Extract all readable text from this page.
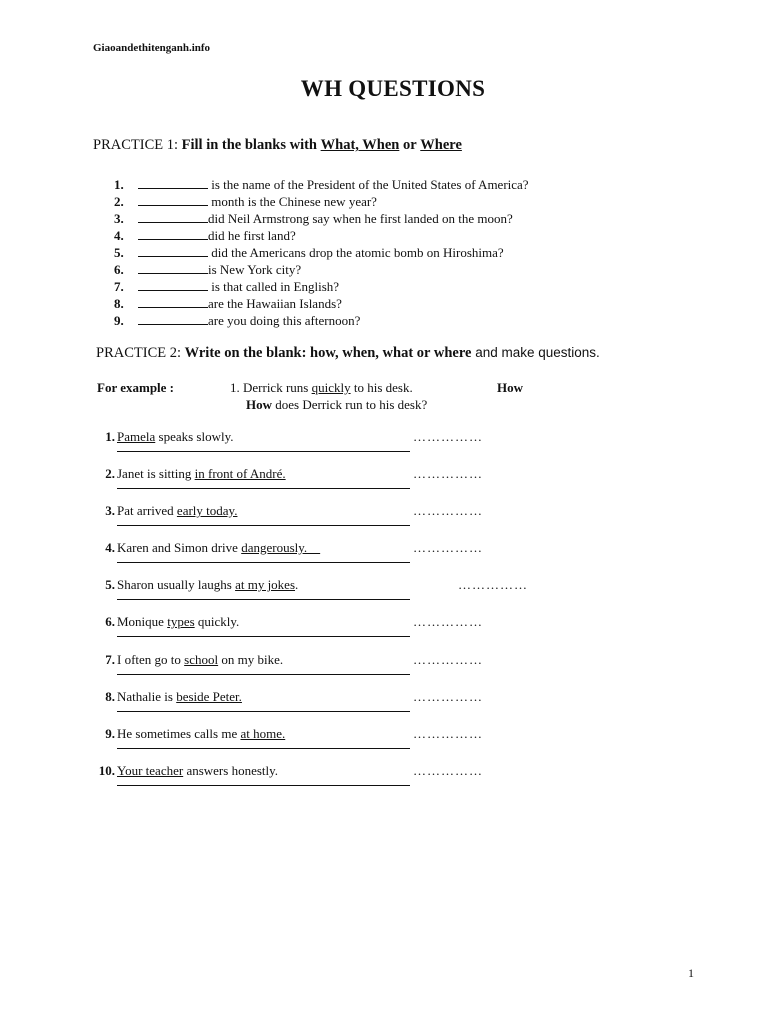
Giaoandethitenganh.info
WH QUESTIONS
PRACTICE 1: Fill in the blanks with What, When or Where
1.	is the name of the President of the United States of America?
2.	month is the Chinese new year?
3.	did Neil Armstrong say when he first landed on the moon?
4.	did he first land?
5.	did the Americans drop the atomic bomb on Hiroshima?
6.	is New York city?
7.	is that called in English?
8.	are the Hawaiian Islands?
9.	are you doing this afternoon?
PRACTICE 2: Write on the blank: how, when, what or where and make questions.
For example :	1. Derrick runs quickly to his desk.	How
How does Derrick run to his desk?
1. Pamela speaks slowly.	……………
2. Janet is sitting in front of André.	……………
3. Pat arrived early today.	……………
4. Karen and Simon drive dangerously.	……………
5. Sharon usually laughs at my jokes.	……………
6. Monique types quickly.	……………
7. I often go to school on my bike.	……………
8. Nathalie is beside Peter.	……………
9. He sometimes calls me at home.	……………
10. Your teacher answers honestly.	……………
1
